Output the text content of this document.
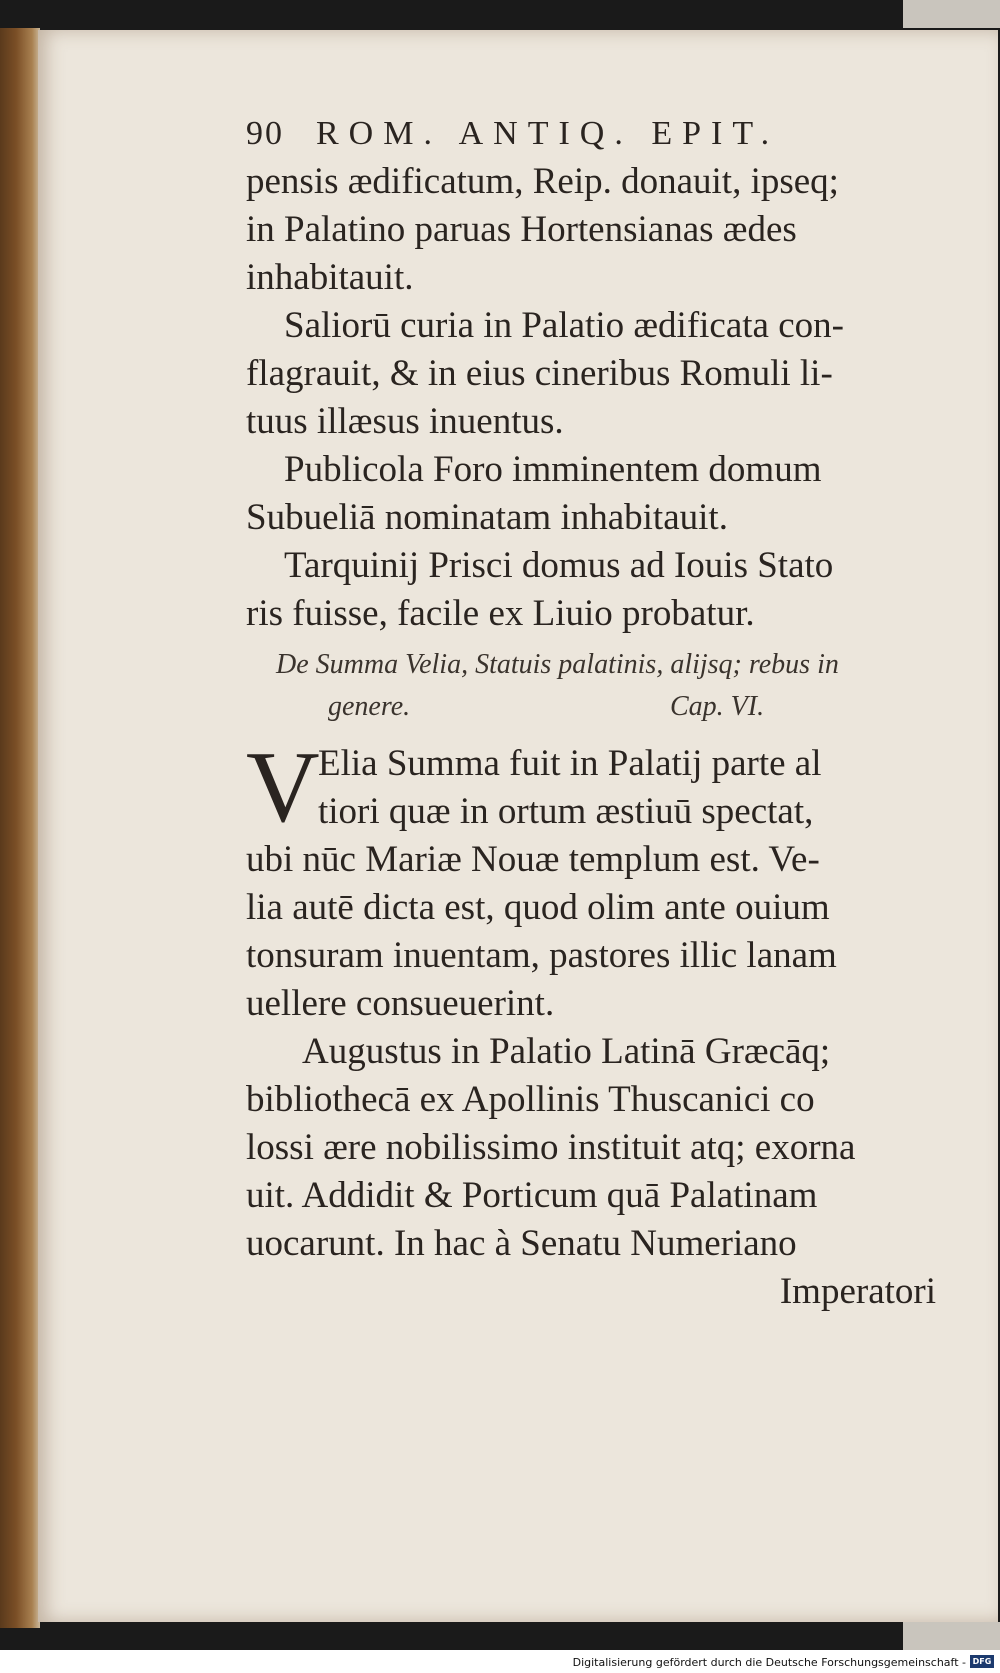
90 ROM. ANTIQ. EPIT.
pensis ædificatum, Reip. donauit, ipseq;
in Palatino paruas Hortensianas ædes
inhabitauit.
Saliorū curia in Palatio ædificata con-
flagrauit, & in eius cineribus Romuli li-
tuus illæsus inuentus.
Publicola Foro imminentem domum
Subueliā nominatam inhabitauit.
Tarquinij Prisci domus ad Iouis Stato
ris fuisse, facile ex Liuio probatur.
De Summa Velia, Statuis palatinis, alijsq; rebus in
genere.	Cap. VI.
V
Elia Summa fuit in Palatij parte al
tiori quæ in ortum æstiuū spectat,
ubi nūc Mariæ Nouæ templum est. Ve-
lia autē dicta est, quod olim ante ouium
tonsuram inuentam, pastores illic lanam
uellere consueuerint.
Augustus in Palatio Latinā Græcāq;
bibliothecā ex Apollinis Thuscanici co
lossi ære nobilissimo instituit atq; exorna
uit. Addidit & Porticum quā Palatinam
uocarunt. In hac à Senatu Numeriano
Imperatori
Digitalisierung gefördert durch die Deutsche Forschungsgemeinschaft - DFG
